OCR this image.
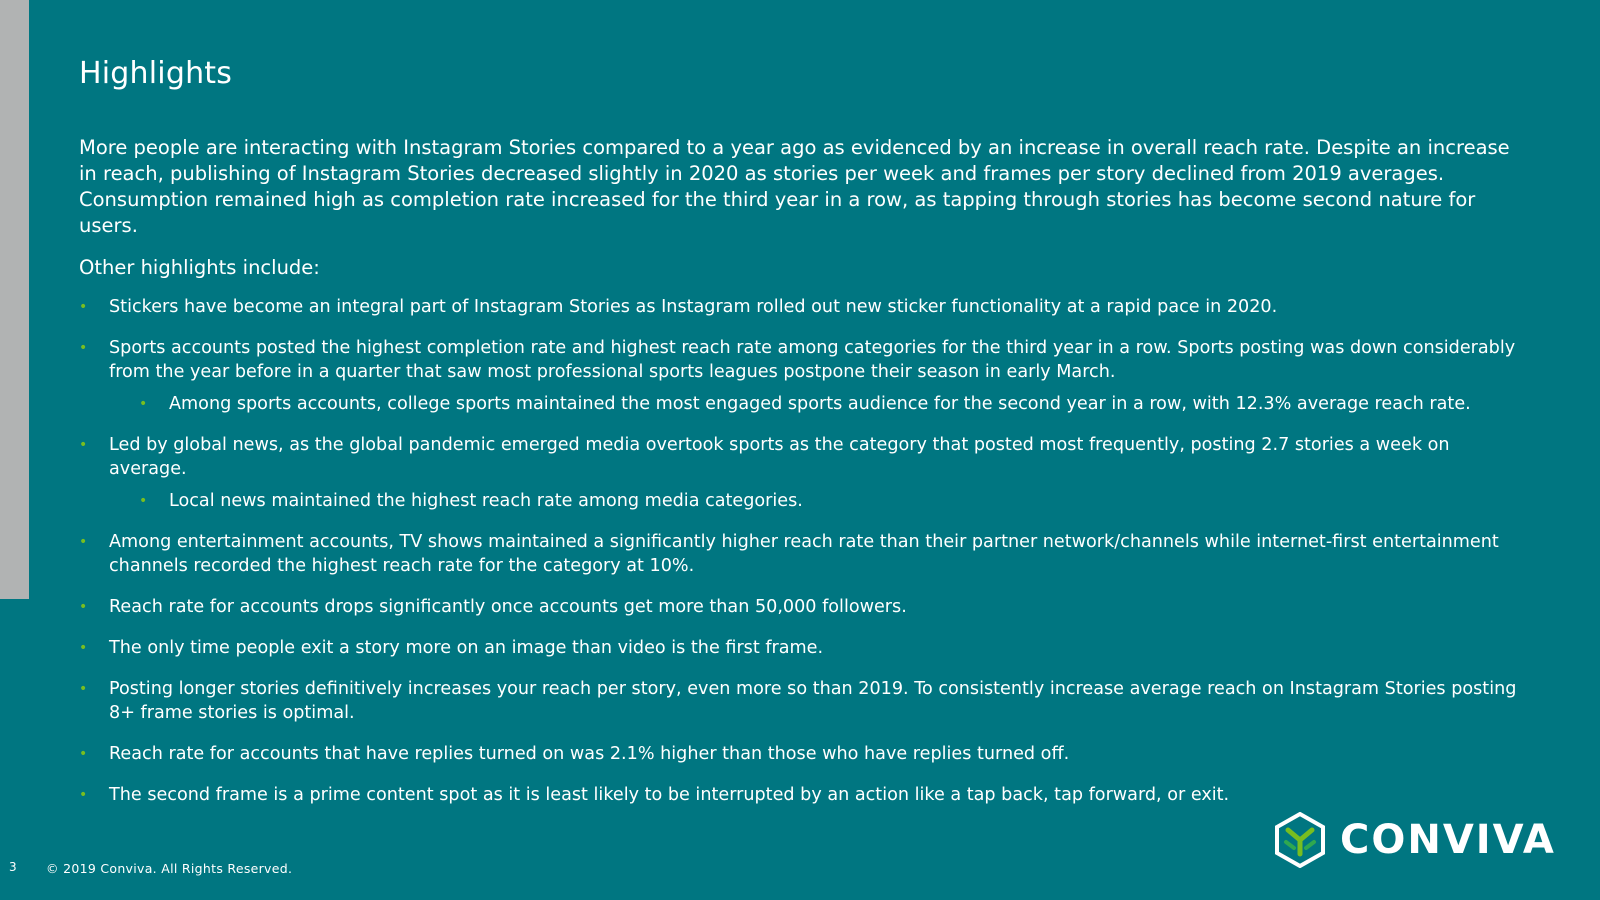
Highlights

More people are interacting with Instagram Stories compared to a year ago as evidenced by an increase in overall reach rate. Despite an increase in reach, publishing of Instagram Stories decreased slightly in 2020 as stories per week and frames per story declined from 2019 averages. Consumption remained high as completion rate increased for the third year in a row, as tapping through stories has become second nature for users.

Other highlights include:

• Stickers have become an integral part of Instagram Stories as Instagram rolled out new sticker functionality at a rapid pace in 2020.
• Sports accounts posted the highest completion rate and highest reach rate among categories for the third year in a row. Sports posting was down considerably from the year before in a quarter that saw most professional sports leagues postpone their season in early March.
• Among sports accounts, college sports maintained the most engaged sports audience for the second year in a row, with 12.3% average reach rate.
• Led by global news, as the global pandemic emerged media overtook sports as the category that posted most frequently, posting 2.7 stories a week on average.
• Local news maintained the highest reach rate among media categories.
• Among entertainment accounts, TV shows maintained a significantly higher reach rate than their partner network/channels while internet-first entertainment channels recorded the highest reach rate for the category at 10%.
• Reach rate for accounts drops significantly once accounts get more than 50,000 followers.
• The only time people exit a story more on an image than video is the first frame.
• Posting longer stories definitively increases your reach per story, even more so than 2019. To consistently increase average reach on Instagram Stories posting 8+ frame stories is optimal.
• Reach rate for accounts that have replies turned on was 2.1% higher than those who have replies turned off.
• The second frame is a prime content spot as it is least likely to be interrupted by an action like a tap back, tap forward, or exit.
3 © 2019 Conviva. All Rights Reserved.
CONVIVA
